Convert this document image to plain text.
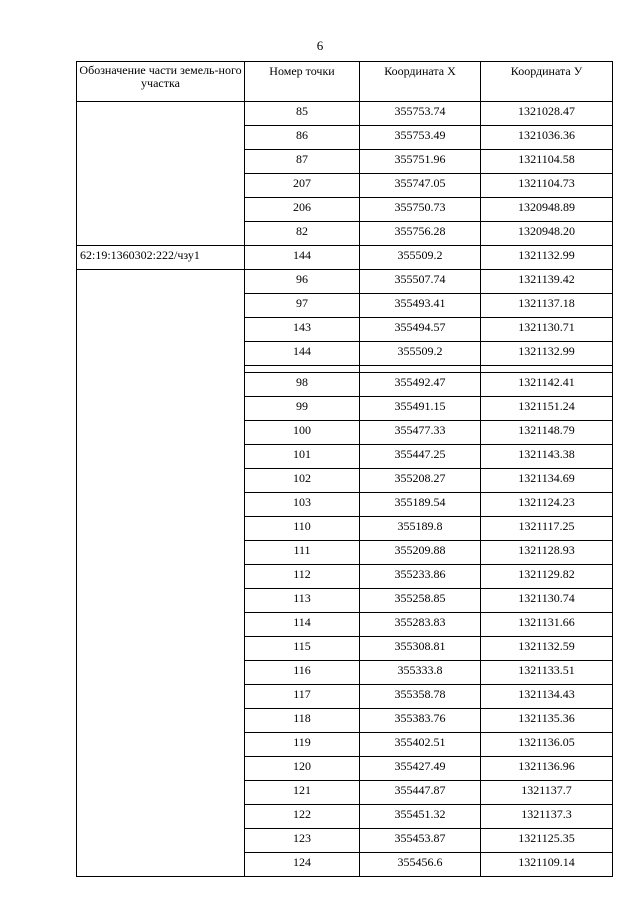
6
Обозначение части земель-ного участка	Номер точки	Координата X	Координата У
	85	355753.74	1321028.47
	86	355753.49	1321036.36
	87	355751.96	1321104.58
	207	355747.05	1321104.73
	206	355750.73	1320948.89
	82	355756.28	1320948.20
62:19:1360302:222/чзу1	144	355509.2	1321132.99
	96	355507.74	1321139.42
	97	355493.41	1321137.18
	143	355494.57	1321130.71
	144	355509.2	1321132.99

	98	355492.47	1321142.41
	99	355491.15	1321151.24
	100	355477.33	1321148.79
	101	355447.25	1321143.38
	102	355208.27	1321134.69
	103	355189.54	1321124.23
	110	355189.8	1321117.25
	111	355209.88	1321128.93
	112	355233.86	1321129.82
	113	355258.85	1321130.74
	114	355283.83	1321131.66
	115	355308.81	1321132.59
	116	355333.8	1321133.51
	117	355358.78	1321134.43
	118	355383.76	1321135.36
	119	355402.51	1321136.05
	120	355427.49	1321136.96
	121	355447.87	1321137.7
	122	355451.32	1321137.3
	123	355453.87	1321125.35
	124	355456.6	1321109.14
